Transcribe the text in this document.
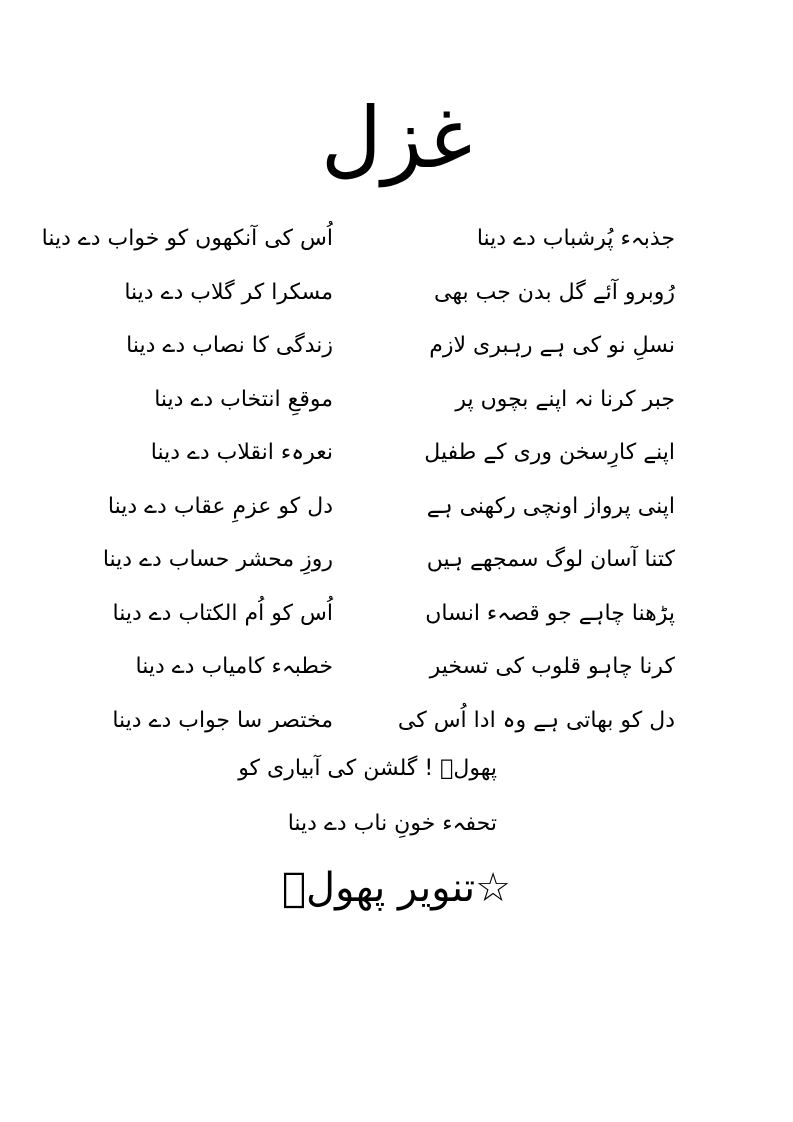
غزل
جذبہء پُرشباب دے دینا
اُس کی آنکھوں کو خواب دے دینا
رُوبرو آئے گل بدن جب بھی
مسکرا کر گلاب دے دینا
نسلِ نو کی ہے رہبری لازم
زندگی کا نصاب دے دینا
جبر کرنا نہ اپنے بچوں پر
موقعِ انتخاب دے دینا
اپنے کارِسخن وری کے طفیل
نعرہء انقلاب دے دینا
اپنی پرواز اونچی رکھنی ہے
دل کو عزمِ عقاب دے دینا
کتنا آسان لوگ سمجھے ہیں
روزِ محشر حساب دے دینا
پڑھنا چاہے جو قصہء انساں
اُس کو اُم الکتاب دے دینا
کرنا چاہو قلوب کی تسخیر
خطبہء کامیاب دے دینا
دل کو بھاتی ہے وہ ادا اُس کی
مختصر سا جواب دے دینا
پھولؔ ! گلشن کی آبیاری کو
تحفہء خونِ ناب دے دینا
☆تنویر پھولؔ
